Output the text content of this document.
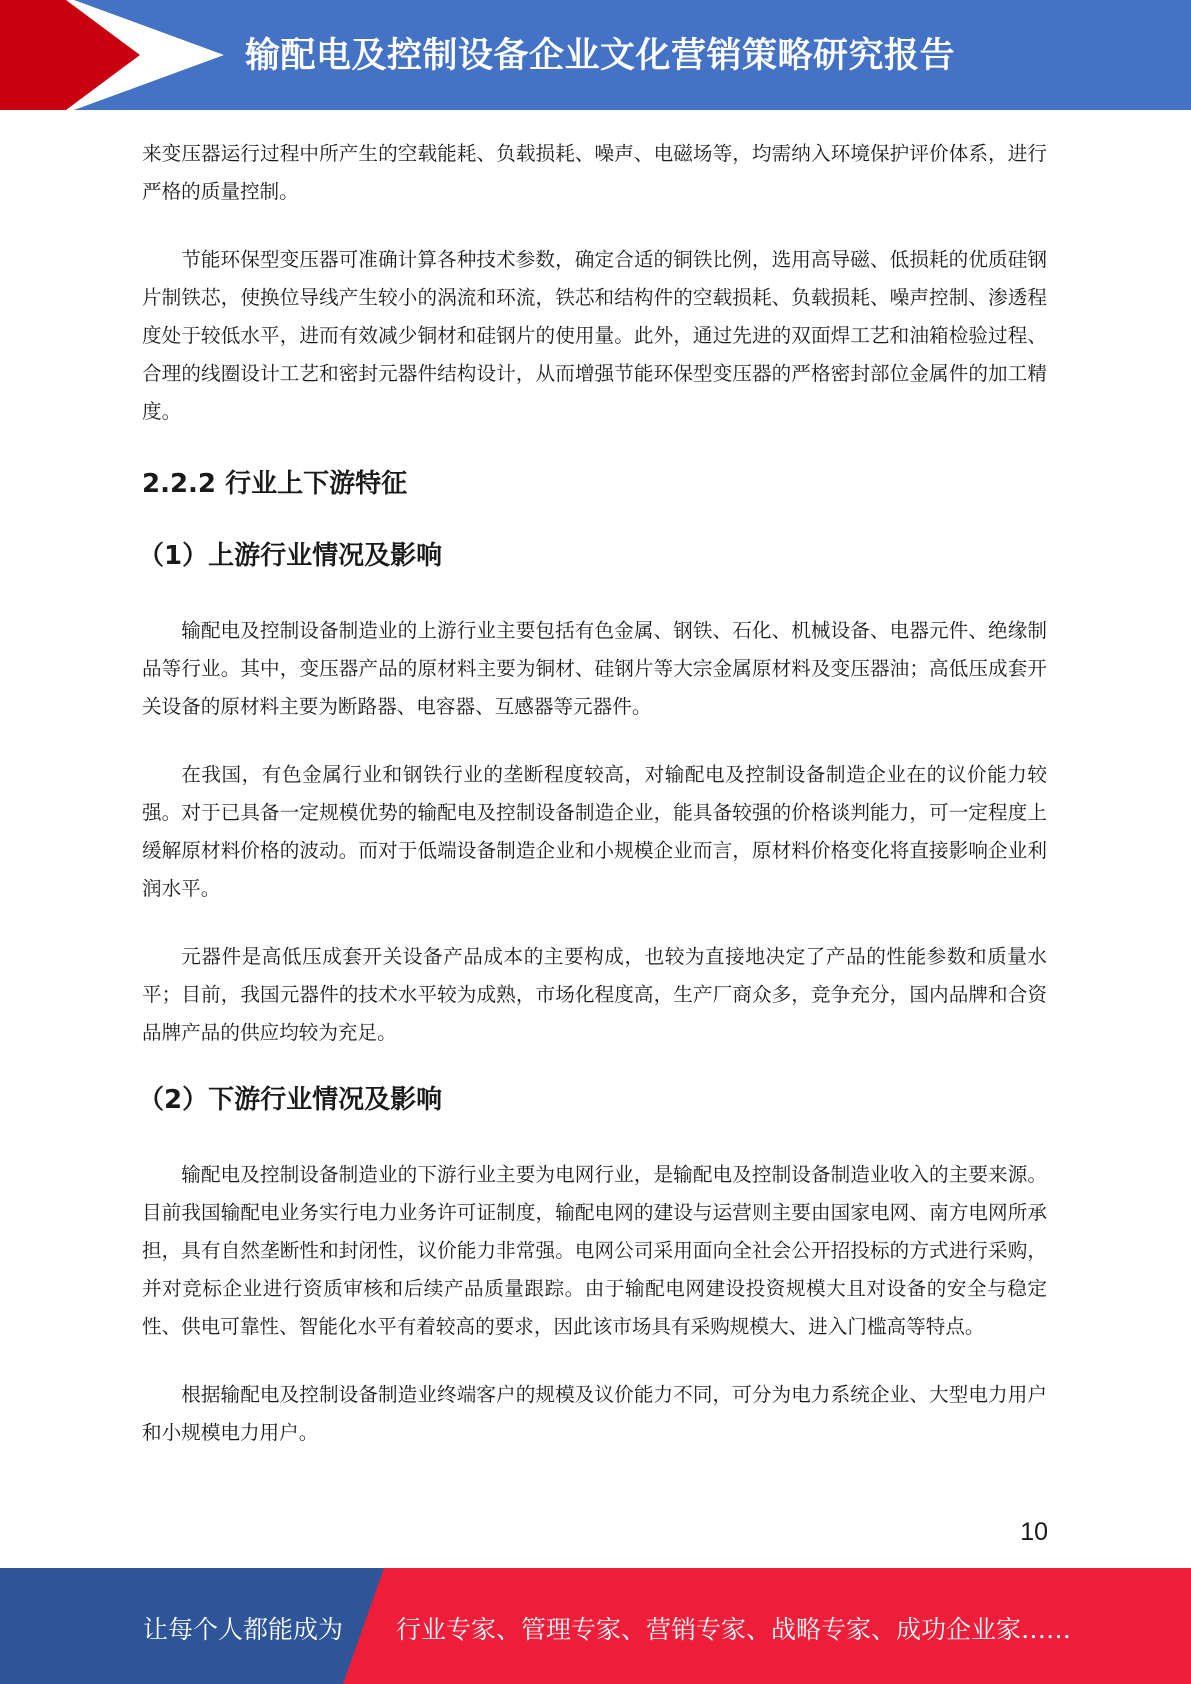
输配电及控制设备企业文化营销策略研究报告

来变压器运行过程中所产生的空载能耗、负载损耗、噪声、电磁场等，均需纳入环境保护评价体系，进行严格的质量控制。

节能环保型变压器可准确计算各种技术参数，确定合适的铜铁比例，选用高导磁、低损耗的优质硅钢片制铁芯，使换位导线产生较小的涡流和环流，铁芯和结构件的空载损耗、负载损耗、噪声控制、渗透程度处于较低水平，进而有效减少铜材和硅钢片的使用量。此外，通过先进的双面焊工艺和油箱检验过程、合理的线圈设计工艺和密封元器件结构设计，从而增强节能环保型变压器的严格密封部位金属件的加工精度。

2.2.2 行业上下游特征
（1）上游行业情况及影响

输配电及控制设备制造业的上游行业主要包括有色金属、钢铁、石化、机械设备、电器元件、绝缘制品等行业。其中，变压器产品的原材料主要为铜材、硅钢片等大宗金属原材料及变压器油；高低压成套开关设备的原材料主要为断路器、电容器、互感器等元器件。

在我国，有色金属行业和钢铁行业的垄断程度较高，对输配电及控制设备制造企业在的议价能力较强。对于已具备一定规模优势的输配电及控制设备制造企业，能具备较强的价格谈判能力，可一定程度上缓解原材料价格的波动。而对于低端设备制造企业和小规模企业而言，原材料价格变化将直接影响企业利润水平。

元器件是高低压成套开关设备产品成本的主要构成，也较为直接地决定了产品的性能参数和质量水平；目前，我国元器件的技术水平较为成熟，市场化程度高，生产厂商众多，竞争充分，国内品牌和合资品牌产品的供应均较为充足。

（2）下游行业情况及影响

输配电及控制设备制造业的下游行业主要为电网行业，是输配电及控制设备制造业收入的主要来源。目前我国输配电业务实行电力业务许可证制度，输配电网的建设与运营则主要由国家电网、南方电网所承担，具有自然垄断性和封闭性，议价能力非常强。电网公司采用面向全社会公开招投标的方式进行采购，并对竞标企业进行资质审核和后续产品质量跟踪。由于输配电网建设投资规模大且对设备的安全与稳定性、供电可靠性、智能化水平有着较高的要求，因此该市场具有采购规模大、进入门槛高等特点。

根据输配电及控制设备制造业终端客户的规模及议价能力不同，可分为电力系统企业、大型电力用户和小规模电力用户。

10
让每个人都能成为 行业专家、管理专家、营销专家、战略专家、成功企业家……
